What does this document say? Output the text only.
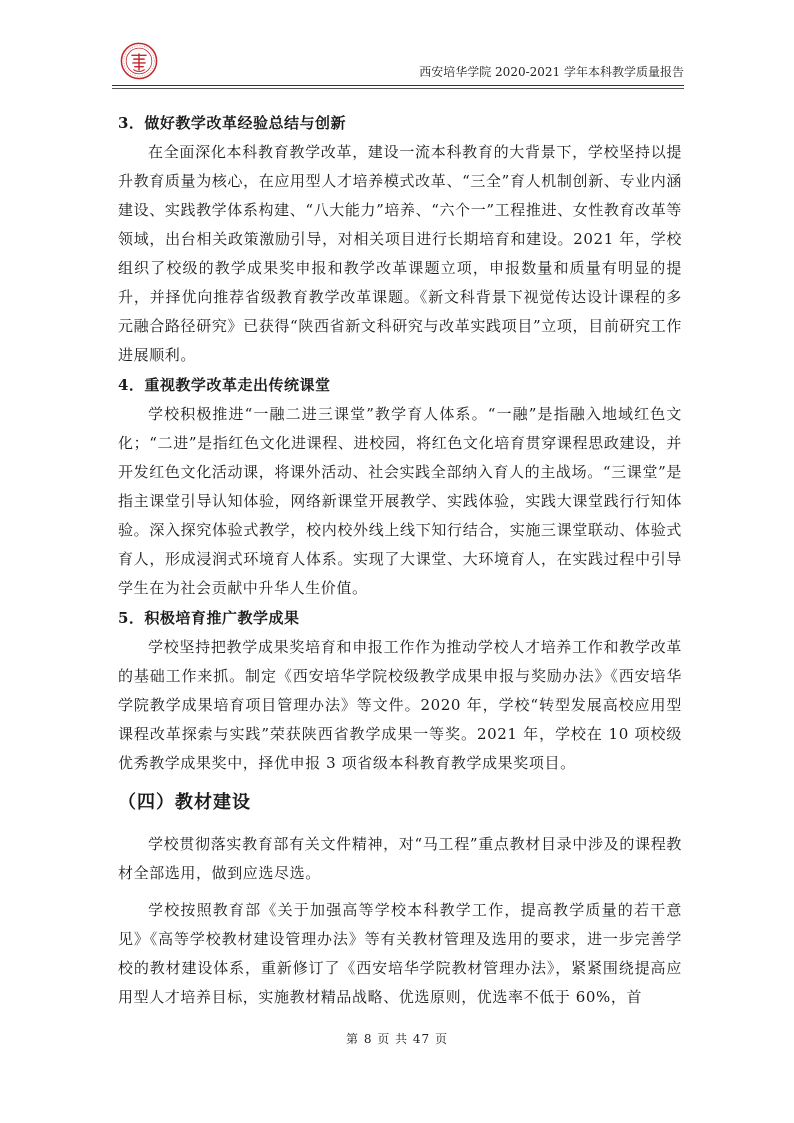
西安培华学院 2020-2021 学年本科教学质量报告

3．做好教学改革经验总结与创新

在全面深化本科教育教学改革，建设一流本科教育的大背景下，学校坚持以提升教育质量为核心，在应用型人才培养模式改革、“三全”育人机制创新、专业内涵建设、实践教学体系构建、“八大能力”培养、“六个一”工程推进、女性教育改革等领域，出台相关政策激励引导，对相关项目进行长期培育和建设。2021 年，学校组织了校级的教学成果奖申报和教学改革课题立项，申报数量和质量有明显的提升，并择优向推荐省级教育教学改革课题。《新文科背景下视觉传达设计课程的多元融合路径研究》已获得“陕西省新文科研究与改革实践项目”立项，目前研究工作进展顺利。

4．重视教学改革走出传统课堂

学校积极推进“一融二进三课堂”教学育人体系。“一融”是指融入地域红色文化；“二进”是指红色文化进课程、进校园，将红色文化培育贯穿课程思政建设，并开发红色文化活动课，将课外活动、社会实践全部纳入育人的主战场。“三课堂”是指主课堂引导认知体验，网络新课堂开展教学、实践体验，实践大课堂践行行知体验。深入探究体验式教学，校内校外线上线下知行结合，实施三课堂联动、体验式育人，形成浸润式环境育人体系。实现了大课堂、大环境育人，在实践过程中引导学生在为社会贡献中升华人生价值。

5．积极培育推广教学成果

学校坚持把教学成果奖培育和申报工作作为推动学校人才培养工作和教学改革的基础工作来抓。制定《西安培华学院校级教学成果申报与奖励办法》《西安培华学院教学成果培育项目管理办法》等文件。2020 年，学校“转型发展高校应用型课程改革探索与实践”荣获陕西省教学成果一等奖。2021 年，学校在 10 项校级优秀教学成果奖中，择优申报 3 项省级本科教育教学成果奖项目。

（四）教材建设

学校贯彻落实教育部有关文件精神，对“马工程”重点教材目录中涉及的课程教材全部选用，做到应选尽选。

学校按照教育部《关于加强高等学校本科教学工作，提高教学质量的若干意见》《高等学校教材建设管理办法》等有关教材管理及选用的要求，进一步完善学校的教材建设体系，重新修订了《西安培华学院教材管理办法》，紧紧围绕提高应用型人才培养目标，实施教材精品战略、优选原则，优选率不低于 60%，首

第 8 页 共 47 页
